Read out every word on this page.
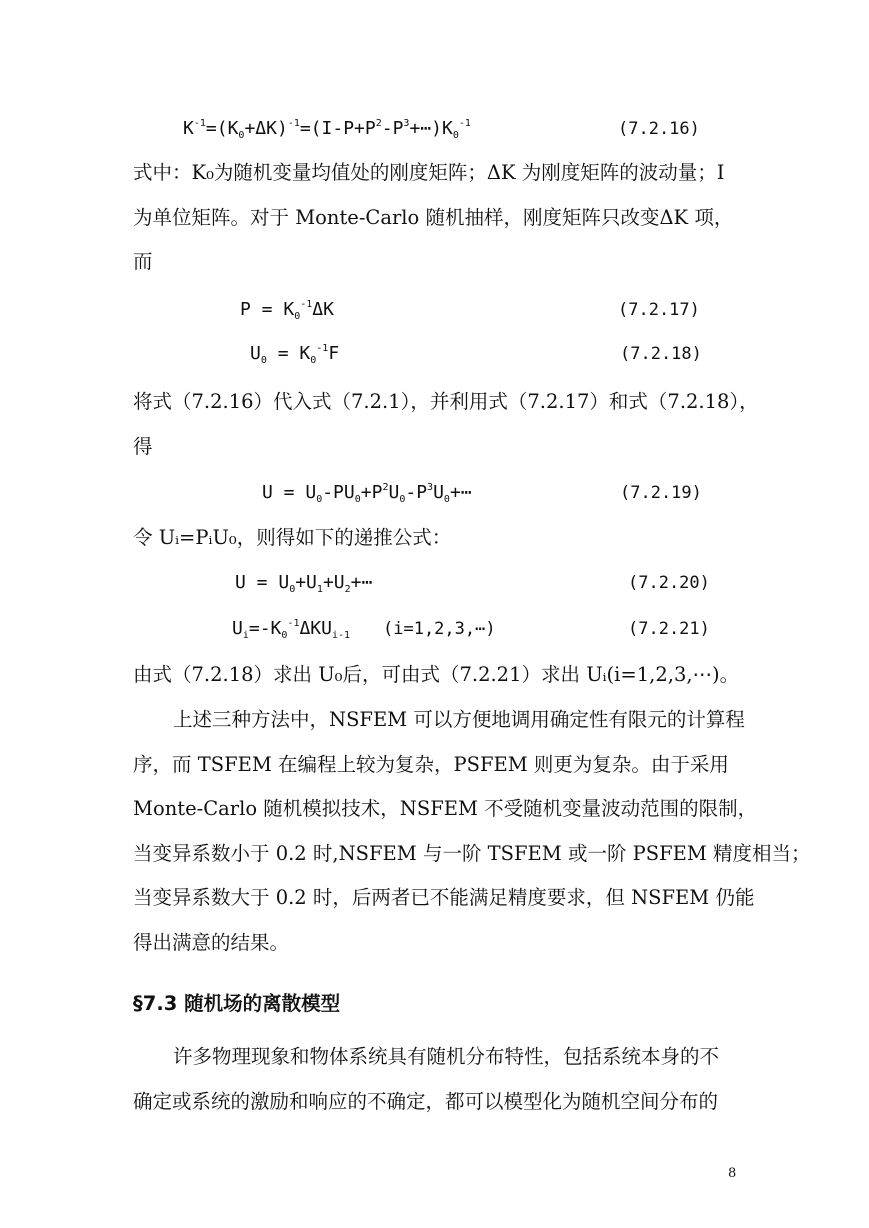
$K^{-1}=(K_0+\Delta K)^{-1}=(I-P+P^2-P^3+\cdots)K_0^{-1}$	(7.2.16)
式中：K₀为随机变量均值处的刚度矩阵；ΔK 为刚度矩阵的波动量；I
为单位矩阵。对于 Monte-Carlo 随机抽样，刚度矩阵只改变ΔK 项，
而
$P = K_0^{-1}\Delta K$	(7.2.17)
$U_0 = K_0^{-1}F$	(7.2.18)
将式（7.2.16）代入式（7.2.1），并利用式（7.2.17）和式（7.2.18），
得
$U = U_0-PU_0+P^2U_0-P^3U_0+\cdots$	(7.2.19)
令 Uᵢ=PᵢU₀，则得如下的递推公式：
$U = U_0+U_1+U_2+\cdots$	(7.2.20)
$U_i=-K_0^{-1}\Delta KU_{i-1}$ (i=1,2,3,⋯)	(7.2.21)
由式（7.2.18）求出 U₀后，可由式（7.2.21）求出 Uᵢ(i=1,2,3,⋯)。
上述三种方法中，NSFEM 可以方便地调用确定性有限元的计算程
序，而 TSFEM 在编程上较为复杂，PSFEM 则更为复杂。由于采用
Monte-Carlo 随机模拟技术，NSFEM 不受随机变量波动范围的限制，
当变异系数小于 0.2 时,NSFEM 与一阶 TSFEM 或一阶 PSFEM 精度相当；
当变异系数大于 0.2 时，后两者已不能满足精度要求，但 NSFEM 仍能
得出满意的结果。
§7.3 随机场的离散模型
许多物理现象和物体系统具有随机分布特性，包括系统本身的不
确定或系统的激励和响应的不确定，都可以模型化为随机空间分布的
8
